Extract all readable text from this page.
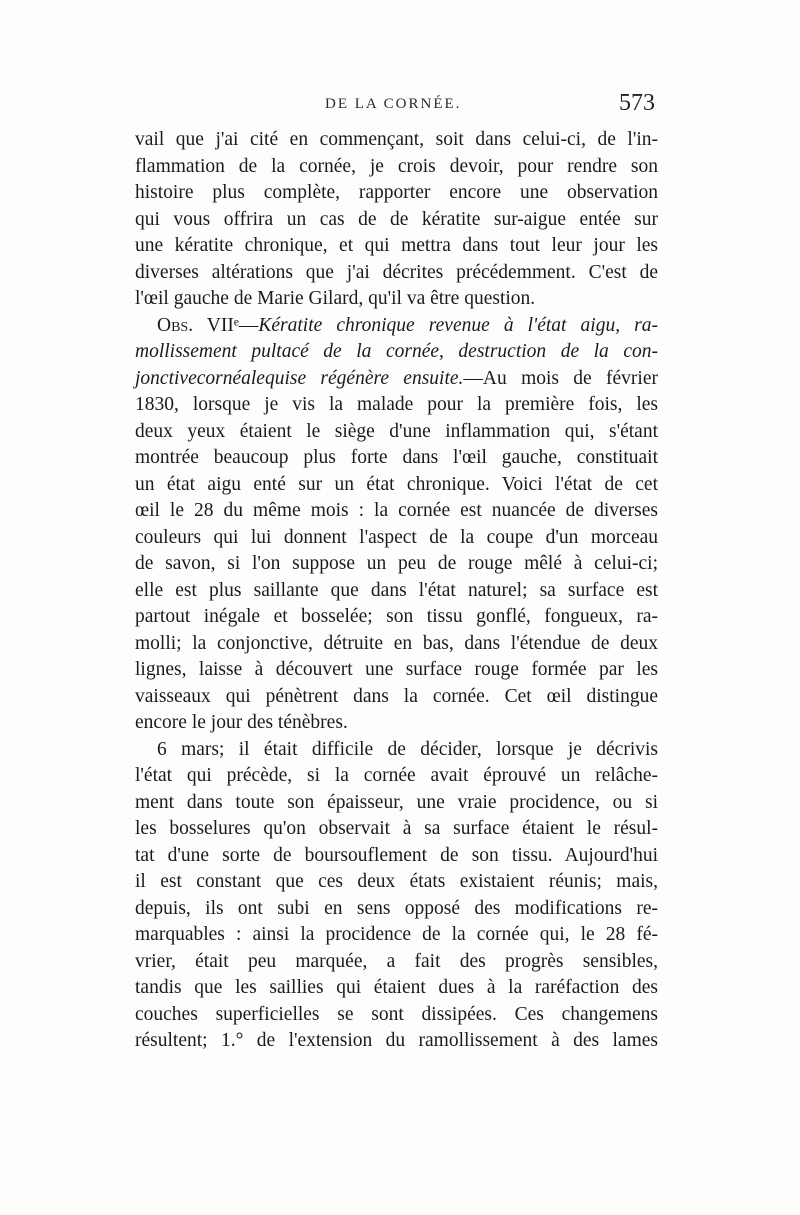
DE LA CORNÉE.	573
vail que j'ai cité en commençant, soit dans celui-ci, de l'in-
flammation de la cornée, je crois devoir, pour rendre son
histoire plus complète, rapporter encore une observation
qui vous offrira un cas de de kératite sur-aigue entée sur
une kératite chronique, et qui mettra dans tout leur jour les
diverses altérations que j'ai décrites précédemment. C'est de
l'œil gauche de Marie Gilard, qu'il va être question.
Obs. VIIᵉ—Kératite chronique revenue à l'état aigu, ra-
mollissement pultacé de la cornée, destruction de la con-
jonctivecornéalequise régénère ensuite.—Au mois de février
1830, lorsque je vis la malade pour la première fois, les
deux yeux étaient le siège d'une inflammation qui, s'étant
montrée beaucoup plus forte dans l'œil gauche, constituait
un état aigu enté sur un état chronique. Voici l'état de cet
œil le 28 du même mois : la cornée est nuancée de diverses
couleurs qui lui donnent l'aspect de la coupe d'un morceau
de savon, si l'on suppose un peu de rouge mêlé à celui-ci;
elle est plus saillante que dans l'état naturel; sa surface est
partout inégale et bosselée; son tissu gonflé, fongueux, ra-
molli; la conjonctive, détruite en bas, dans l'étendue de deux
lignes, laisse à découvert une surface rouge formée par les
vaisseaux qui pénètrent dans la cornée. Cet œil distingue
encore le jour des ténèbres.
6 mars; il était difficile de décider, lorsque je décrivis
l'état qui précède, si la cornée avait éprouvé un relâche-
ment dans toute son épaisseur, une vraie procidence, ou si
les bosselures qu'on observait à sa surface étaient le résul-
tat d'une sorte de boursouflement de son tissu. Aujourd'hui
il est constant que ces deux états existaient réunis; mais,
depuis, ils ont subi en sens opposé des modifications re-
marquables : ainsi la procidence de la cornée qui, le 28 fé-
vrier, était peu marquée, a fait des progrès sensibles,
tandis que les saillies qui étaient dues à la raréfaction des
couches superficielles se sont dissipées. Ces changemens
résultent; 1.° de l'extension du ramollissement à des lames
